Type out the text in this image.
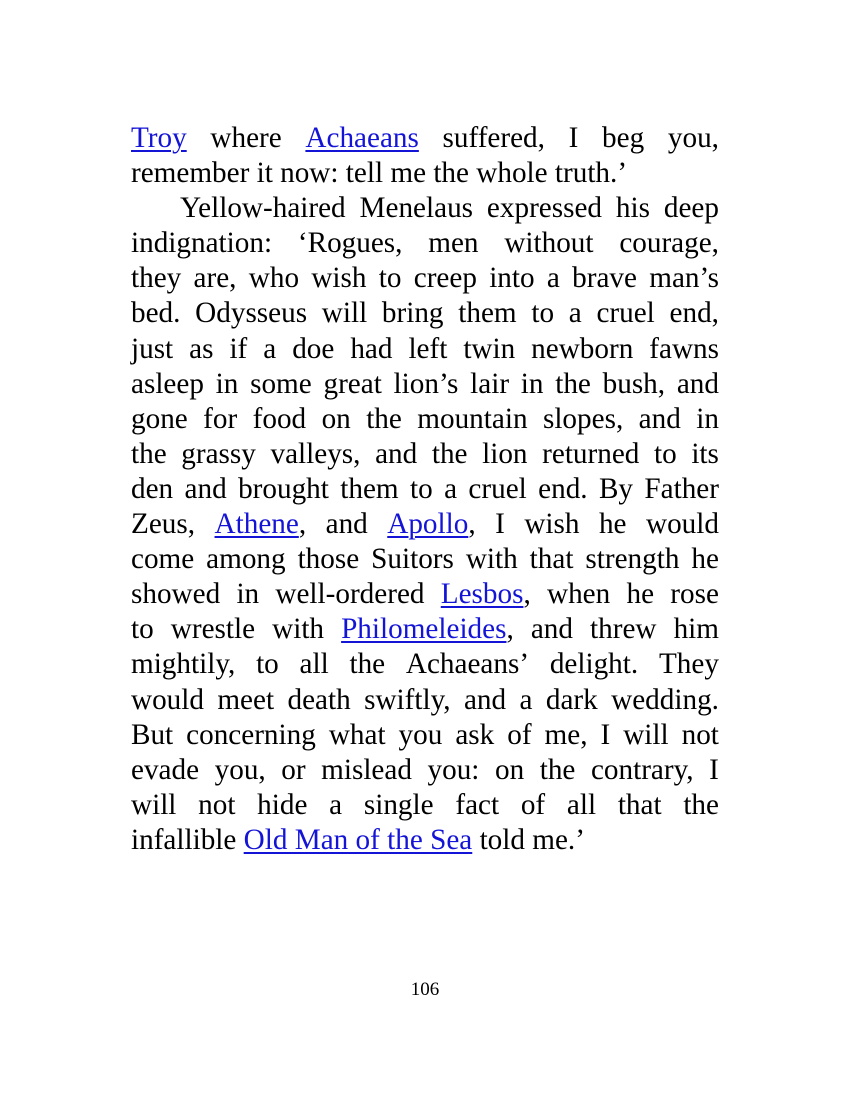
Troy where Achaeans suffered, I beg you,
remember it now: tell me the whole truth.’
Yellow-haired Menelaus expressed his deep
indignation: ‘Rogues, men without courage,
they are, who wish to creep into a brave man’s
bed. Odysseus will bring them to a cruel end,
just as if a doe had left twin newborn fawns
asleep in some great lion’s lair in the bush, and
gone for food on the mountain slopes, and in
the grassy valleys, and the lion returned to its
den and brought them to a cruel end. By Father
Zeus, Athene, and Apollo, I wish he would
come among those Suitors with that strength he
showed in well-ordered Lesbos, when he rose
to wrestle with Philomeleides, and threw him
mightily, to all the Achaeans’ delight. They
would meet death swiftly, and a dark wedding.
But concerning what you ask of me, I will not
evade you, or mislead you: on the contrary, I
will not hide a single fact of all that the
infallible Old Man of the Sea told me.’
106
